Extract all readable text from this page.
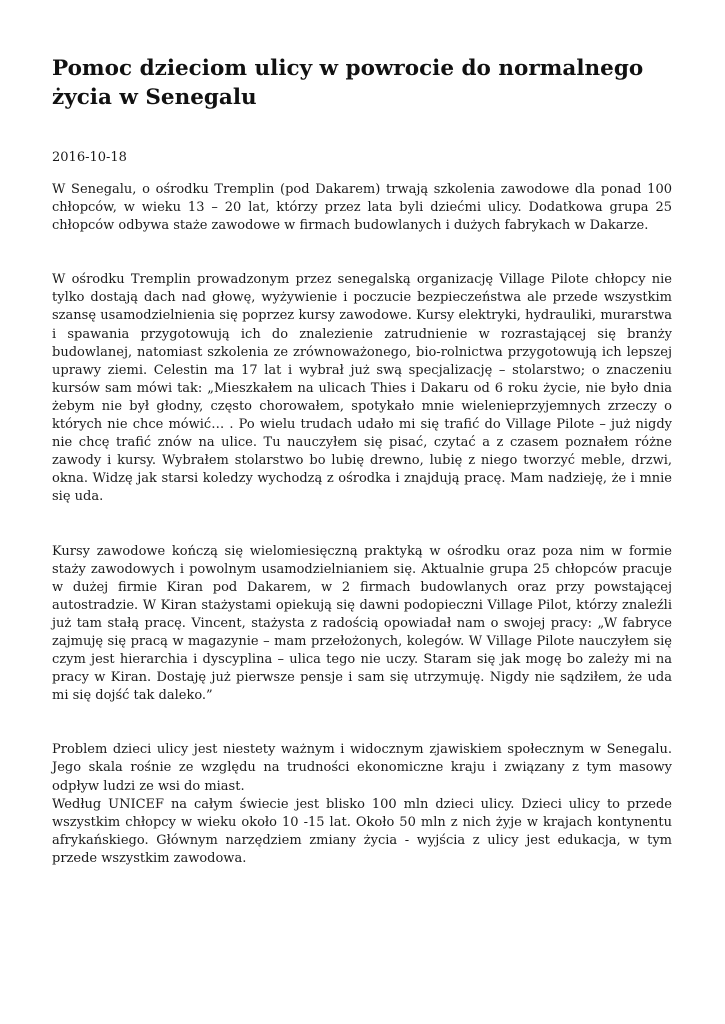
Pomoc dzieciom ulicy w powrocie do normalnego życia w Senegalu
2016-10-18

W Senegalu, o ośrodku Tremplin (pod Dakarem) trwają szkolenia zawodowe dla ponad 100 chłopców, w wieku 13 – 20 lat, którzy przez lata byli dziećmi ulicy. Dodatkowa grupa 25 chłopców odbywa staże zawodowe w firmach budowlanych i dużych fabrykach w Dakarze.

W ośrodku Tremplin prowadzonym przez senegalską organizację Village Pilote chłopcy nie tylko dostają dach nad głowę, wyżywienie i poczucie bezpieczeństwa ale przede wszystkim szansę usamodzielnienia się poprzez kursy zawodowe. Kursy elektryki, hydrauliki, murarstwa i spawania przygotowują ich do znalezienie zatrudnienie w rozrastającej się branży budowlanej, natomiast szkolenia ze zrównoważonego, bio-rolnictwa przygotowują ich lepszej uprawy ziemi. Celestin ma 17 lat i wybrał już swą specjalizację – stolarstwo; o znaczeniu kursów sam mówi tak: „Mieszkałem na ulicach Thies i Dakaru od 6 roku życie, nie było dnia żebym nie był głodny, często chorowałem, spotykało mnie wielenieprzyjemnych zrzeczy o których nie chce mówić… . Po wielu trudach udało mi się trafić do Village Pilote – już nigdy nie chcę trafić znów na ulice. Tu nauczyłem się pisać, czytać a z czasem poznałem różne zawody i kursy. Wybrałem stolarstwo bo lubię drewno, lubię z niego tworzyć meble, drzwi, okna. Widzę jak starsi koledzy wychodzą z ośrodka i znajdują pracę. Mam nadzieję, że i mnie się uda.

Kursy zawodowe kończą się wielomiesięczną praktyką w ośrodku oraz poza nim w formie staży zawodowych i powolnym usamodzielnianiem się. Aktualnie grupa 25 chłopców pracuje w dużej firmie Kiran pod Dakarem, w 2 firmach budowlanych oraz przy powstającej autostradzie. W Kiran stażystami opiekują się dawni podopieczni Village Pilot, którzy znaleźli już tam stałą pracę. Vincent, stażysta z radością opowiadał nam o swojej pracy: „W fabryce zajmuję się pracą w magazynie – mam przełożonych, kolegów. W Village Pilote nauczyłem się czym jest hierarchia i dyscyplina – ulica tego nie uczy. Staram się jak mogę bo zależy mi na pracy w Kiran. Dostaję już pierwsze pensje i sam się utrzymuję. Nigdy nie sądziłem, że uda mi się dojść tak daleko.”

Problem dzieci ulicy jest niestety ważnym i widocznym zjawiskiem społecznym w Senegalu. Jego skala rośnie ze względu na trudności ekonomiczne kraju i związany z tym masowy odpływ ludzi ze wsi do miast.

Według UNICEF na całym świecie jest blisko 100 mln dzieci ulicy. Dzieci ulicy to przede wszystkim chłopcy w wieku około 10 -15 lat. Około 50 mln z nich żyje w krajach kontynentu afrykańskiego. Głównym narzędziem zmiany życia - wyjścia z ulicy jest edukacja, w tym przede wszystkim zawodowa.
